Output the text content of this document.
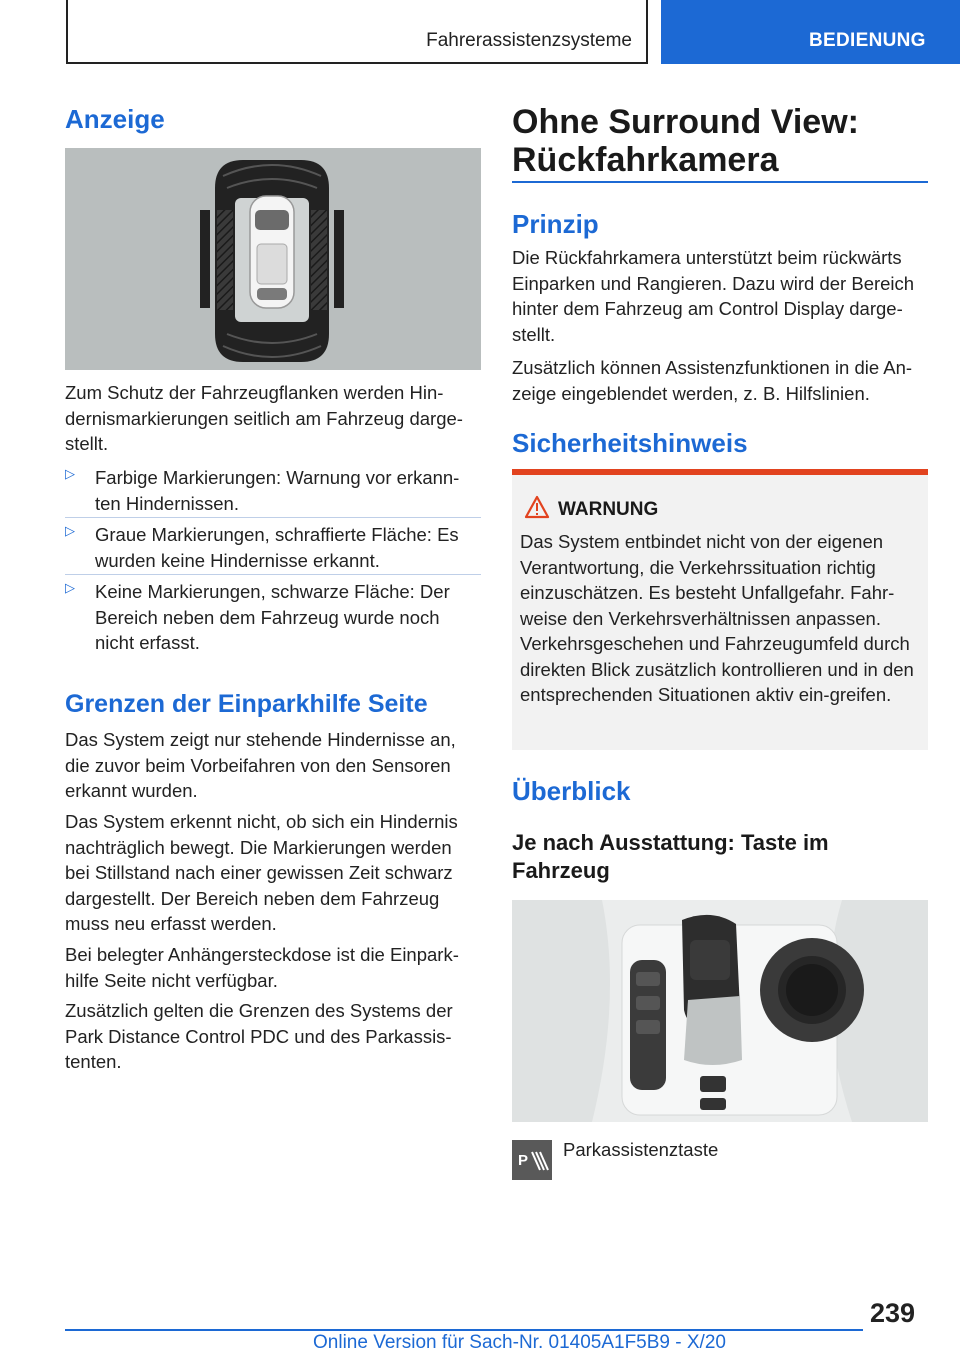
Fahrerassistenzsysteme	BEDIENUNG
Anzeige

Zum Schutz der Fahrzeugflanken werden Hin-dernismarkierungen seitlich am Fahrzeug darge-stellt.

▷ Farbige Markierungen: Warnung vor erkann-ten Hindernissen.

▷ Graue Markierungen, schraffierte Fläche: Es wurden keine Hindernisse erkannt.

▷ Keine Markierungen, schwarze Fläche: Der Bereich neben dem Fahrzeug wurde noch nicht erfasst.

Grenzen der Einparkhilfe Seite

Das System zeigt nur stehende Hindernisse an, die zuvor beim Vorbeifahren von den Sensoren erkannt wurden.

Das System erkennt nicht, ob sich ein Hindernis nachträglich bewegt. Die Markierungen werden bei Stillstand nach einer gewissen Zeit schwarz dargestellt. Der Bereich neben dem Fahrzeug muss neu erfasst werden.

Bei belegter Anhängersteckdose ist die Einpark-hilfe Seite nicht verfügbar.

Zusätzlich gelten die Grenzen des Systems der Park Distance Control PDC und des Parkassis-tenten.

Ohne Surround View:
Rückfahrkamera
Prinzip

Die Rückfahrkamera unterstützt beim rückwärts Einparken und Rangieren. Dazu wird der Bereich hinter dem Fahrzeug am Control Display darge-stellt.

Zusätzlich können Assistenzfunktionen in die An-zeige eingeblendet werden, z. B. Hilfslinien.

Sicherheitshinweis
WARNUNG

Das System entbindet nicht von der eigenen Verantwortung, die Verkehrssituation richtig einzuschätzen. Es besteht Unfallgefahr. Fahr-weise den Verkehrsverhältnissen anpassen. Verkehrsgeschehen und Fahrzeugumfeld durch direkten Blick zusätzlich kontrollieren und in den entsprechenden Situationen aktiv ein-greifen.

Überblick
Je nach Ausstattung: Taste im
Fahrzeug
P
Parkassistenztaste
239
Online Version für Sach-Nr. 01405A1F5B9 - X/20
